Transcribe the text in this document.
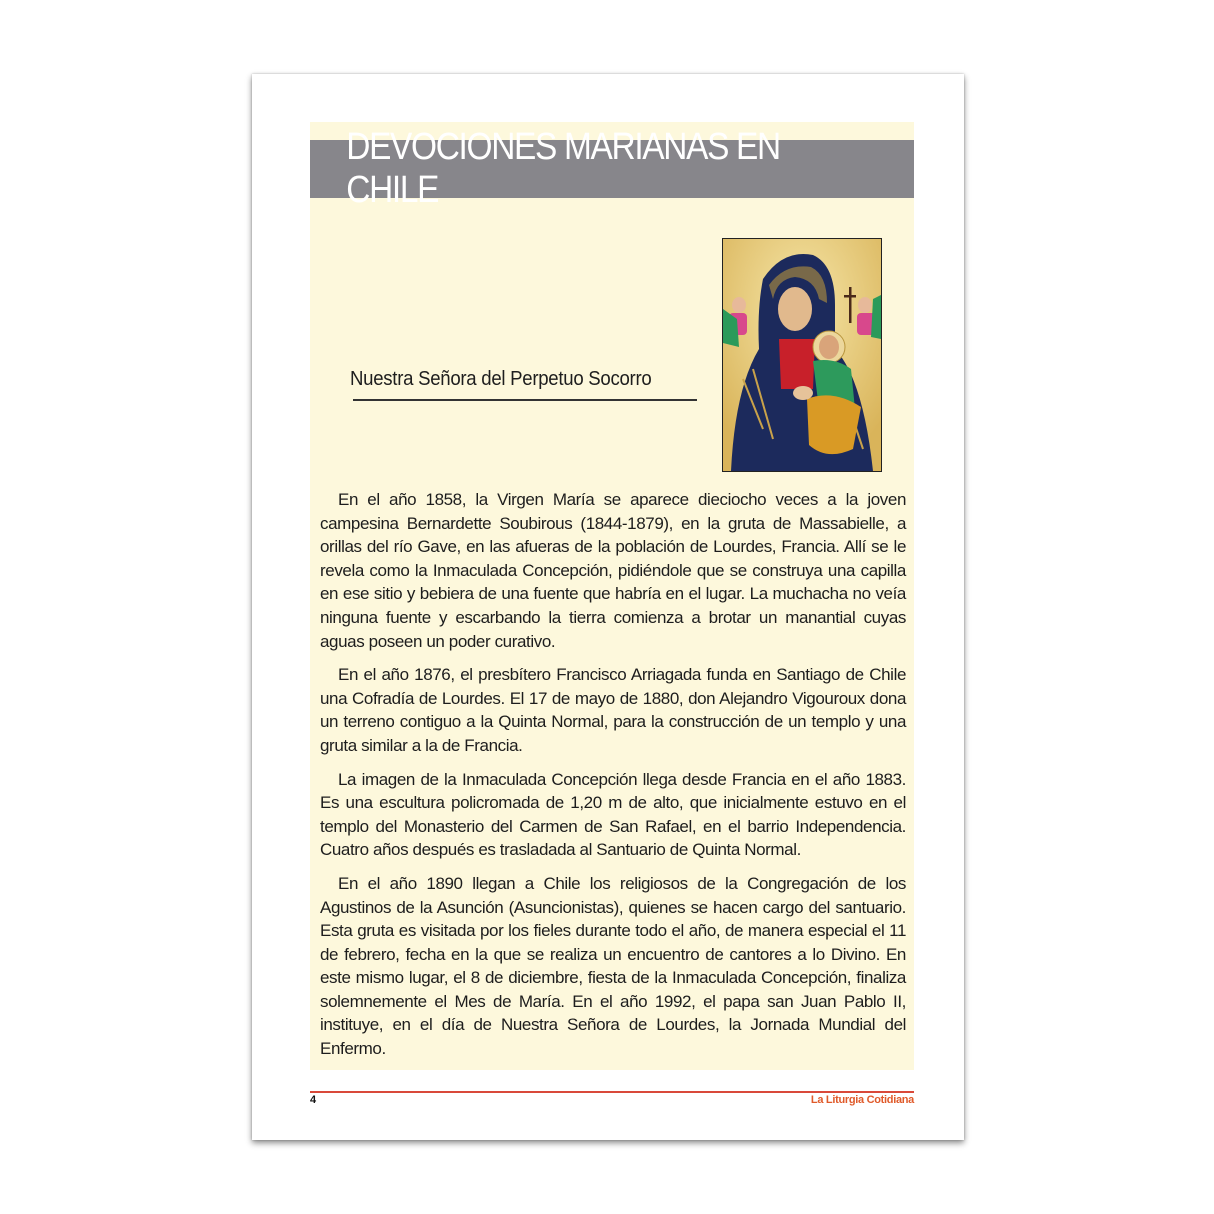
DEVOCIONES MARIANAS EN CHILE
Nuestra Señora del Perpetuo Socorro

En el año 1858, la Virgen María se aparece dieciocho veces a la joven campesina Bernardette Soubirous (1844-1879), en la gruta de Massabielle, a orillas del río Gave, en las afueras de la población de Lourdes, Francia. Allí se le revela como la Inmaculada Concepción, pidiéndole que se construya una capilla en ese sitio y bebiera de una fuente que habría en el lugar. La muchacha no veía ninguna fuente y escarbando la tierra comienza a brotar un manantial cuyas aguas poseen un poder curativo.

En el año 1876, el presbítero Francisco Arriagada funda en Santiago de Chile una Cofradía de Lourdes. El 17 de mayo de 1880, don Alejandro Vigouroux dona un terreno contiguo a la Quinta Normal, para la construcción de un templo y una gruta similar a la de Francia.

La imagen de la Inmaculada Concepción llega desde Francia en el año 1883. Es una escultura policromada de 1,20 m de alto, que inicialmente estuvo en el templo del Monasterio del Carmen de San Rafael, en el barrio Independencia. Cuatro años después es trasladada al Santuario de Quinta Normal.

En el año 1890 llegan a Chile los religiosos de la Congregación de los Agustinos de la Asunción (Asuncionistas), quienes se hacen cargo del santuario. Esta gruta es visitada por los fieles durante todo el año, de manera especial el 11 de febrero, fecha en la que se realiza un encuentro de cantores a lo Divino. En este mismo lugar, el 8 de diciembre, fiesta de la Inmaculada Concepción, finaliza solemnemente el Mes de María. En el año 1992, el papa san Juan Pablo II, instituye, en el día de Nuestra Señora de Lourdes, la Jornada Mundial del Enfermo.

4	La Liturgia Cotidiana
